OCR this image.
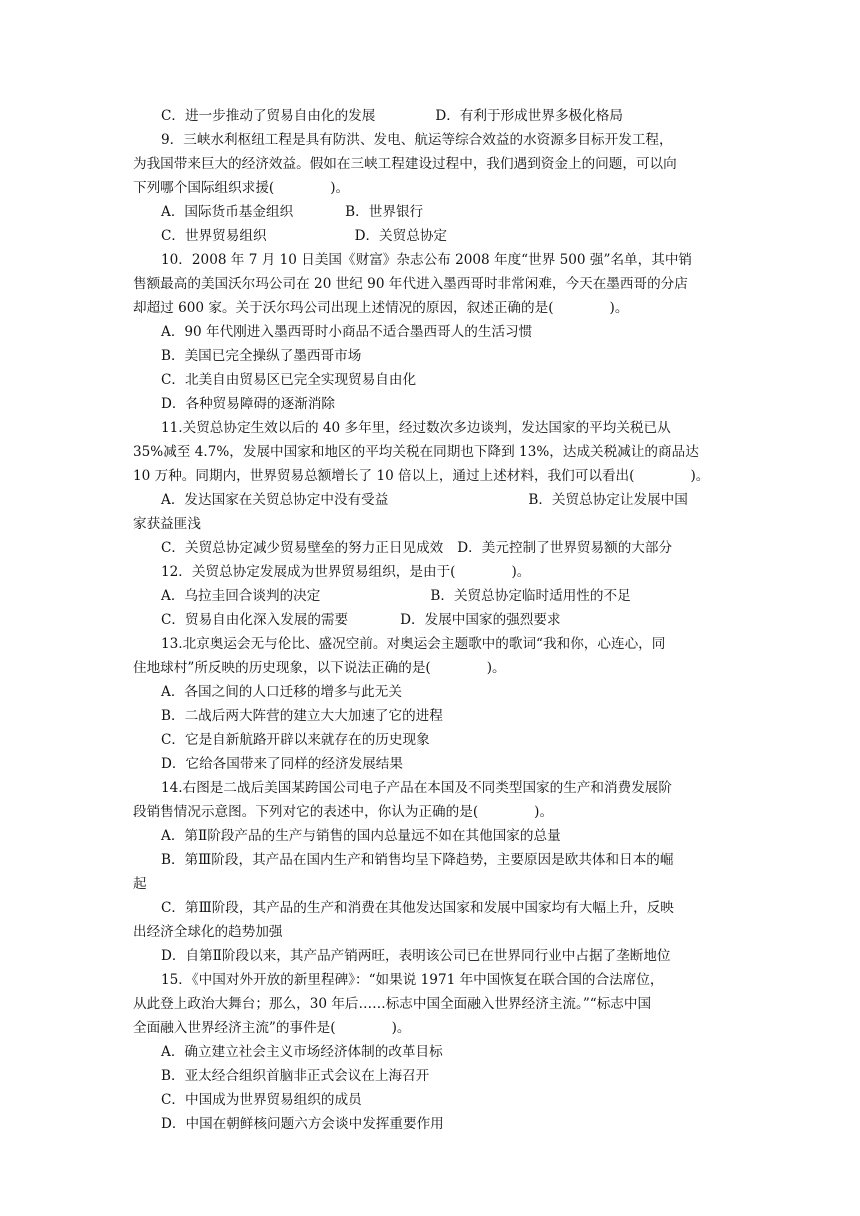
C．进一步推动了贸易自由化的发展	D．有利于形成世界多极化格局
9．三峡水利枢纽工程是具有防洪、发电、航运等综合效益的水资源多目标开发工程，
为我国带来巨大的经济效益。假如在三峡工程建设过程中，我们遇到资金上的问题，可以向
下列哪个国际组织求援(	)。
A．国际货币基金组织	B．世界银行
C．世界贸易组织	D．关贸总协定
10．2008 年 7 月 10 日美国《财富》杂志公布 2008 年度“世界 500 强”名单，其中销
售额最高的美国沃尔玛公司在 20 世纪 90 年代进入墨西哥时非常闲难，今天在墨西哥的分店
却超过 600 家。关于沃尔玛公司出现上述情况的原因，叙述正确的是(	)。
A．90 年代刚进入墨西哥时小商品不适合墨西哥人的生活习惯
B．美国已完全操纵了墨西哥市场
C．北美自由贸易区已完全实现贸易自由化
D．各种贸易障碍的逐渐消除
11.关贸总协定生效以后的 40 多年里，经过数次多边谈判，发达国家的平均关税已从
35%减至 4.7%，发展中国家和地区的平均关税在同期也下降到 13%，达成关税减让的商品达
10 万种。同期内，世界贸易总额增长了 10 倍以上，通过上述材料，我们可以看出(	)。
A．发达国家在关贸总协定中没有受益	B．关贸总协定让发展中国
家获益匪浅
C．关贸总协定减少贸易壁垒的努力正日见成效 D．美元控制了世界贸易额的大部分
12．关贸总协定发展成为世界贸易组织，是由于(	)。
A．乌拉圭回合谈判的决定	B．关贸总协定临时适用性的不足
C．贸易自由化深入发展的需要	D．发展中国家的强烈要求
13.北京奥运会无与伦比、盛况空前。对奥运会主题歌中的歌词“我和你，心连心，同
住地球村”所反映的历史现象，以下说法正确的是(	)。
A．各国之间的人口迁移的增多与此无关
B．二战后两大阵营的建立大大加速了它的进程
C．它是自新航路开辟以来就存在的历史现象
D．它给各国带来了同样的经济发展结果
14.右图是二战后美国某跨国公司电子产品在本国及不同类型国家的生产和消费发展阶
段销售情况示意图。下列对它的表述中，你认为正确的是(	)。
A．第Ⅱ阶段产品的生产与销售的国内总量远不如在其他国家的总量
B．第Ⅲ阶段，其产品在国内生产和销售均呈下降趋势，主要原因是欧共体和日本的崛
起
C．第Ⅲ阶段，其产品的生产和消费在其他发达国家和发展中国家均有大幅上升，反映
出经济全球化的趋势加强
D．自第Ⅱ阶段以来，其产品产销两旺，表明该公司已在世界同行业中占据了垄断地位
15．《中国对外开放的新里程碑》：“如果说 1971 年中国恢复在联合国的合法席位，
从此登上政治大舞台；那么，30 年后……标志中国全面融入世界经济主流。”“标志中国
全面融入世界经济主流”的事件是(	)。
A．确立建立社会主义市场经济体制的改革目标
B．亚太经合组织首脑非正式会议在上海召开
C．中国成为世界贸易组织的成员
D．中国在朝鲜核问题六方会谈中发挥重要作用
